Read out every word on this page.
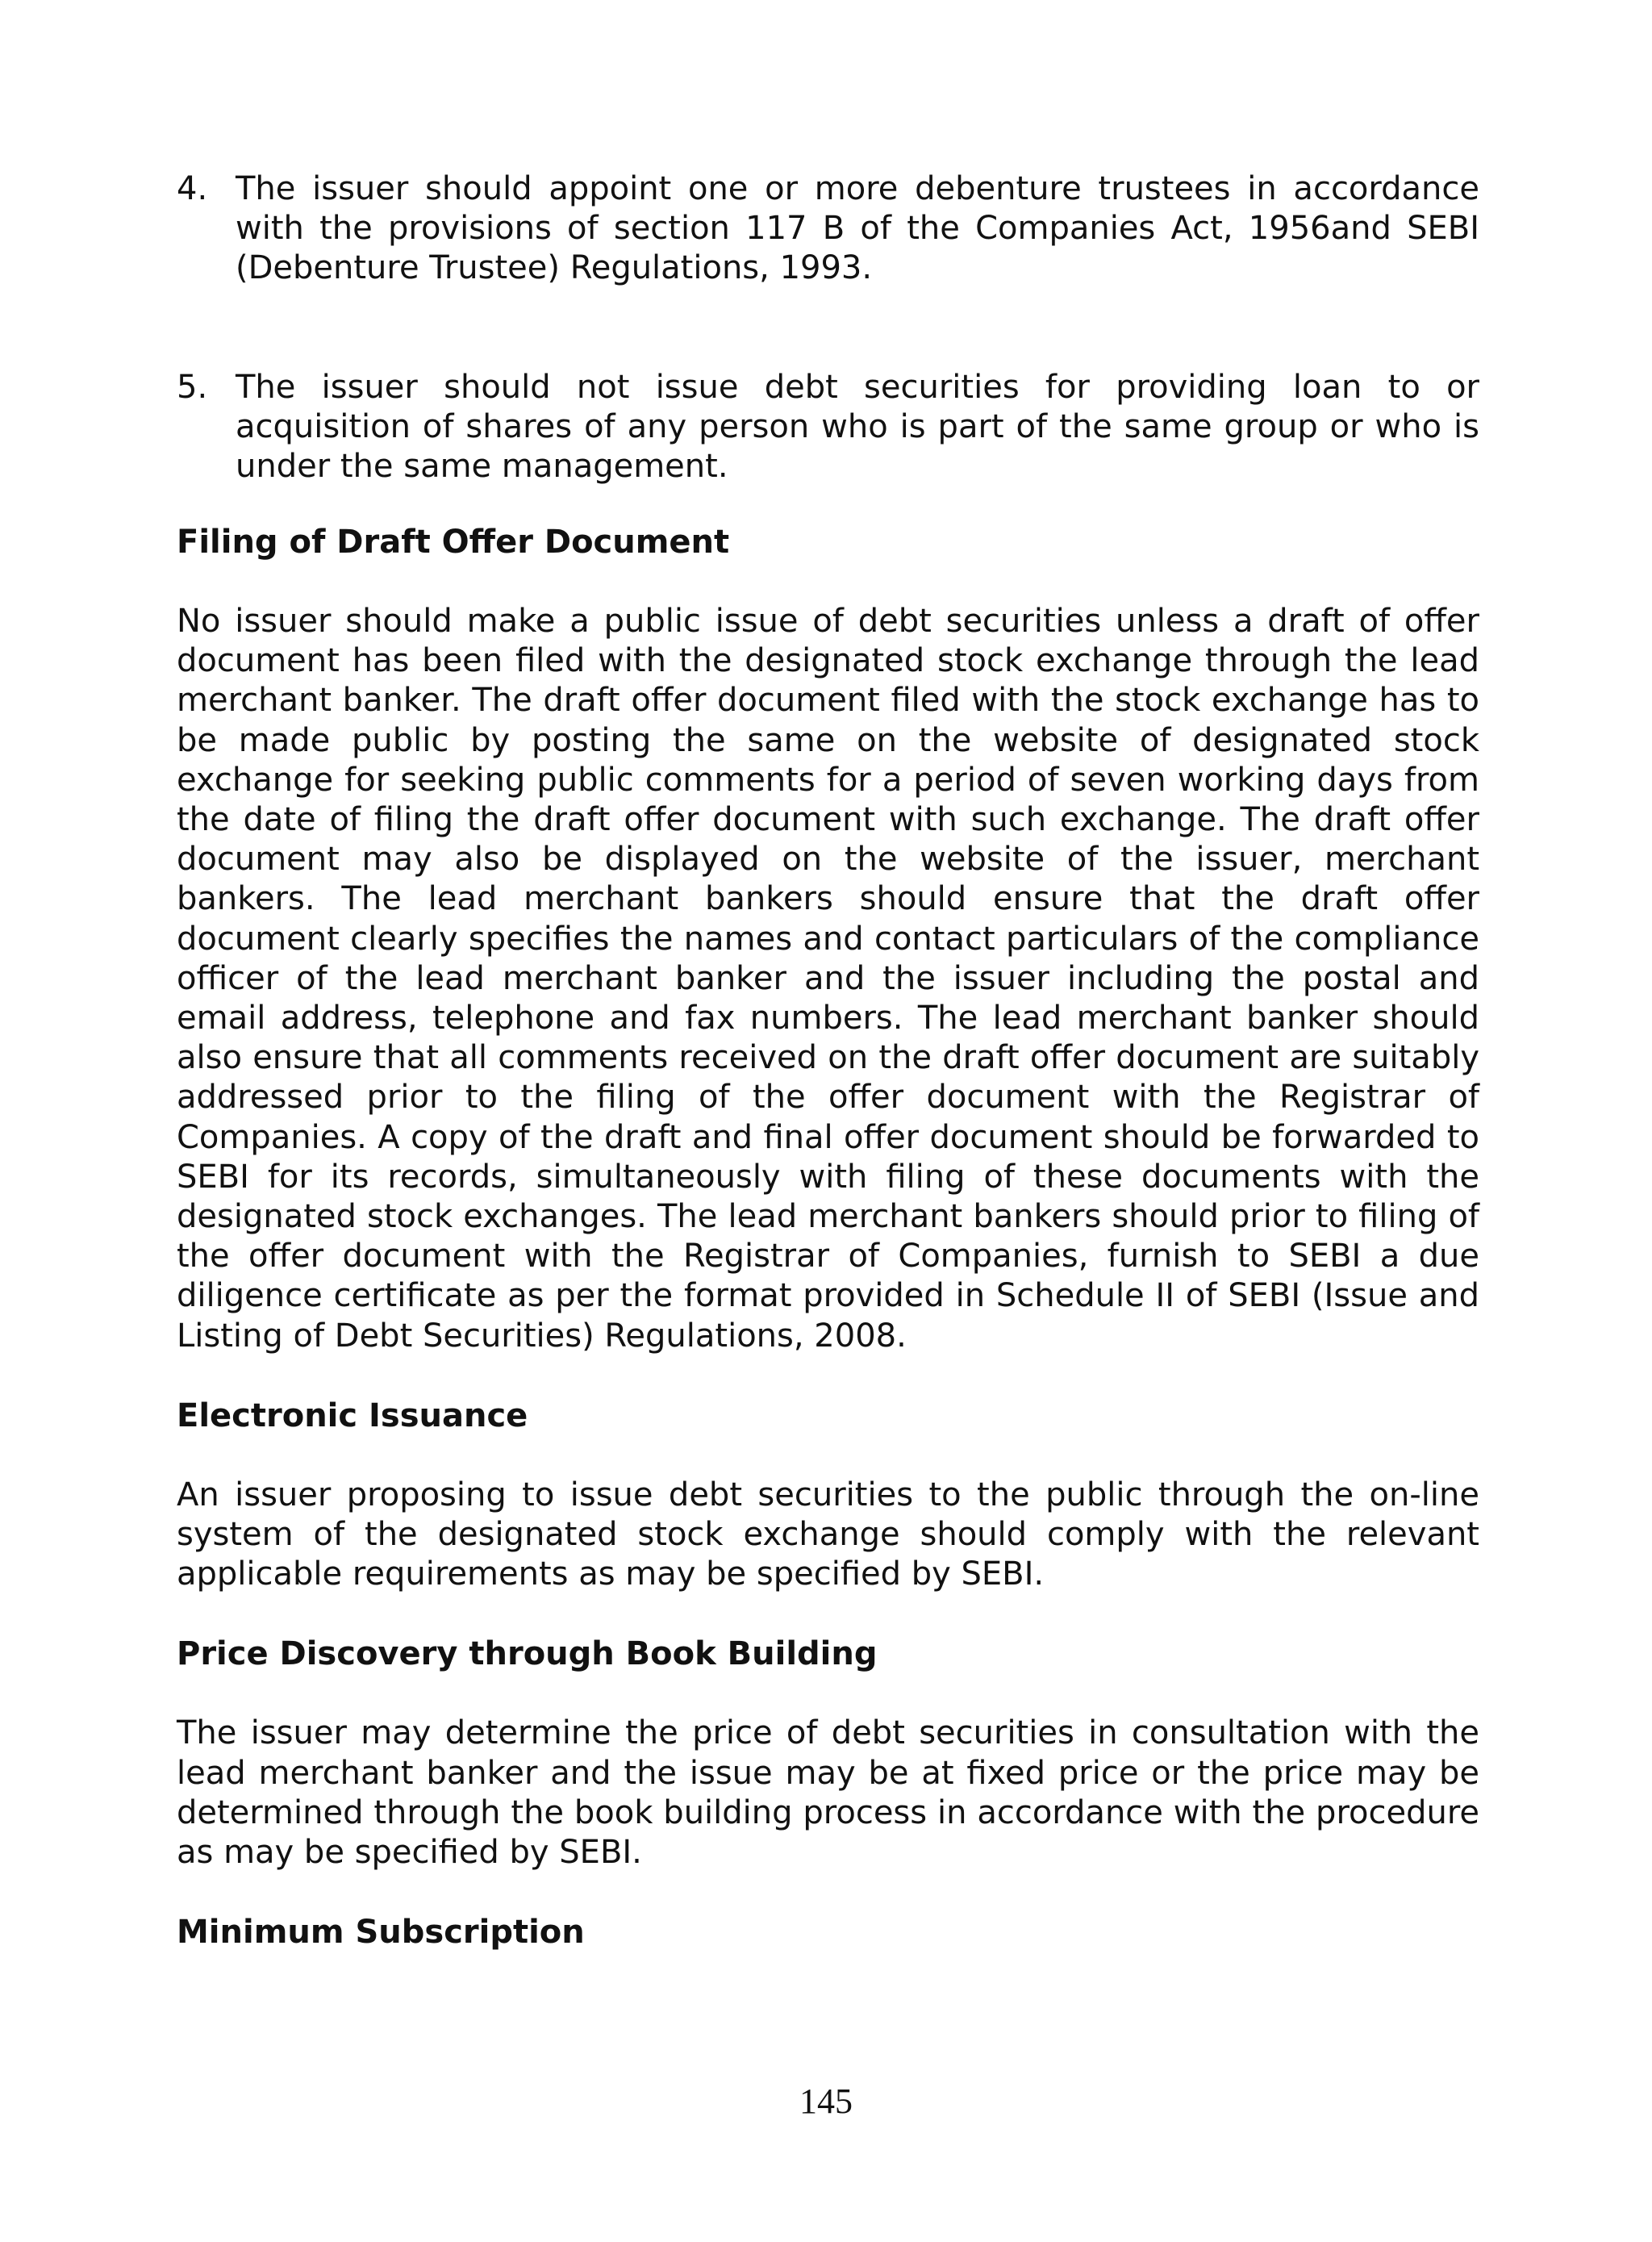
4. The issuer should appoint one or more debenture trustees in accordance with the provisions of section 117 B of the Companies Act, 1956and SEBI (Debenture Trustee) Regulations, 1993.
5. The issuer should not issue debt securities for providing loan to or acquisition of shares of any person who is part of the same group or who is under the same management.
Filing of Draft Offer Document

No issuer should make a public issue of debt securities unless a draft of offer document has been filed with the designated stock exchange through the lead merchant banker. The draft offer document filed with the stock exchange has to be made public by posting the same on the website of designated stock exchange for seeking public comments for a period of seven working days from the date of filing the draft offer document with such exchange. The draft offer document may also be displayed on the website of the issuer, merchant bankers. The lead merchant bankers should ensure that the draft offer document clearly specifies the names and contact particulars of the compliance officer of the lead merchant banker and the issuer including the postal and email address, telephone and fax numbers. The lead merchant banker should also ensure that all comments received on the draft offer document are suitably addressed prior to the filing of the offer document with the Registrar of Companies. A copy of the draft and final offer document should be forwarded to SEBI for its records, simultaneously with filing of these documents with the designated stock exchanges. The lead merchant bankers should prior to filing of the offer document with the Registrar of Companies, furnish to SEBI a due diligence certificate as per the format provided in Schedule II of SEBI (Issue and Listing of Debt Securities) Regulations, 2008.

Electronic Issuance

An issuer proposing to issue debt securities to the public through the on-line system of the designated stock exchange should comply with the relevant applicable requirements as may be specified by SEBI.

Price Discovery through Book Building

The issuer may determine the price of debt securities in consultation with the lead merchant banker and the issue may be at fixed price or the price may be determined through the book building process in accordance with the procedure as may be specified by SEBI.

Minimum Subscription
145
